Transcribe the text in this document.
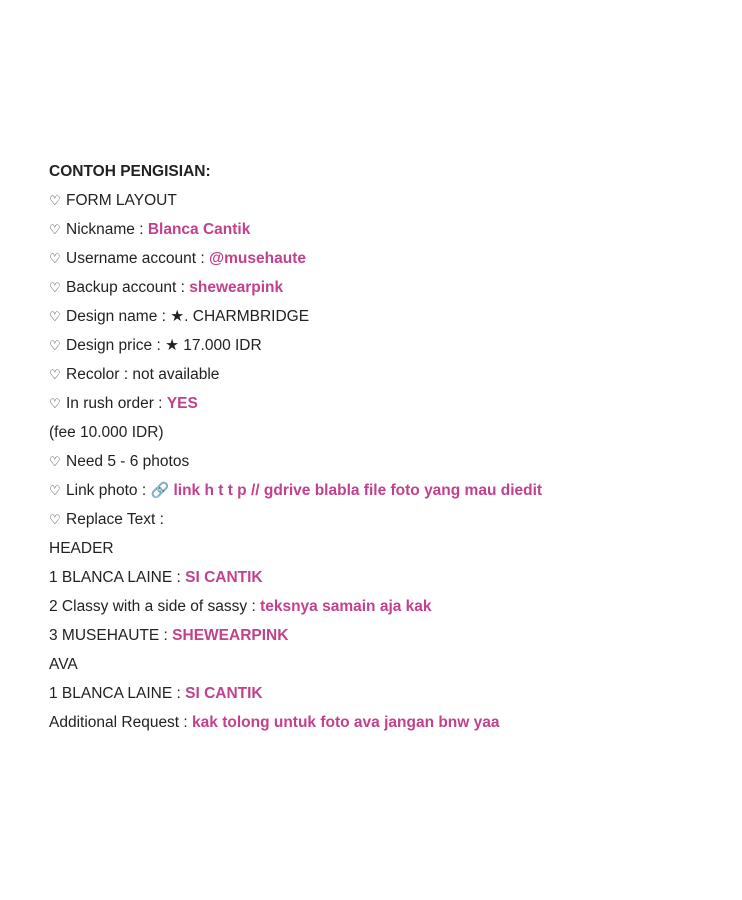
CONTOH PENGISIAN:
♡ FORM LAYOUT
♡ Nickname : Blanca Cantik
♡ Username account : @musehaute
♡ Backup account : shewearpink
♡ Design name : ★. CHARMBRIDGE
♡ Design price : ★ 17.000 IDR
♡ Recolor : not available
♡ In rush order : YES
(fee 10.000 IDR)
♡ Need 5 - 6 photos
♡ Link photo : 🔗 link h t t p // gdrive blabla file foto yang mau diedit
♡ Replace Text :
HEADER
1 BLANCA LAINE : SI CANTIK
2 Classy with a side of sassy : teksnya samain aja kak
3 MUSEHAUTE : SHEWEARPINK
AVA
1 BLANCA LAINE : SI CANTIK
Additional Request : kak tolong untuk foto ava jangan bnw yaa
